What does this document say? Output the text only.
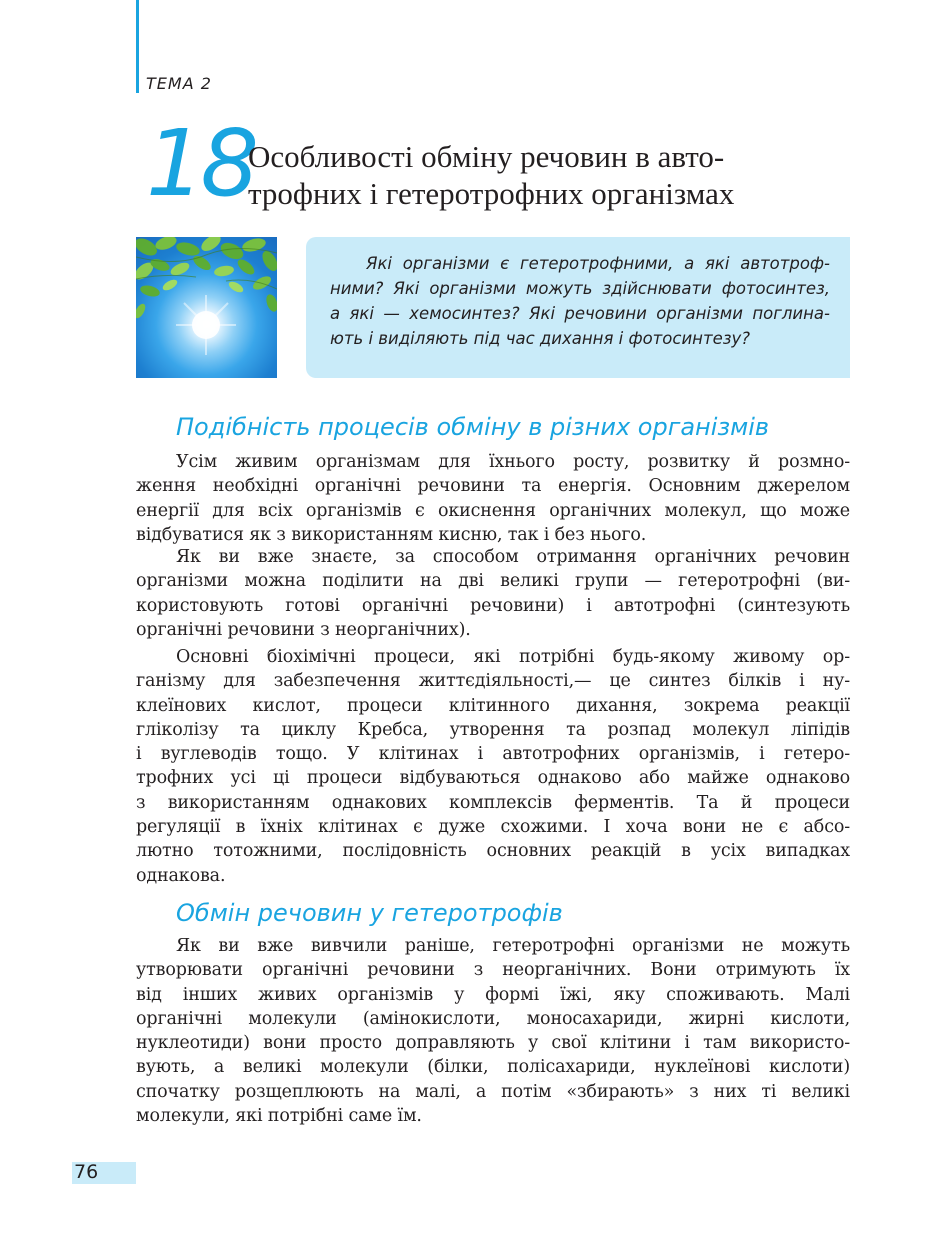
ТЕМА 2
18
Особливості обміну речовин в авто-
трофних і гетеротрофних організмах
Які організми є гетеротрофними, а які автотроф-
ними? Які організми можуть здійснювати фотосинтез,
а які — хемосинтез? Які речовини організми поглина-
ють і виділяють під час дихання і фотосинтезу?
Подібність процесів обміну в різних організмів
Усім живим організмам для їхнього росту, розвитку й розмно-
ження необхідні органічні речовини та енергія. Основним джерелом
енергії для всіх організмів є окиснення органічних молекул, що може
відбуватися як з використанням кисню, так і без нього.
Як ви вже знаєте, за способом отримання органічних речовин
організми можна поділити на дві великі групи — гетеротрофні (ви-
користовують готові органічні речовини) і автотрофні (синтезують
органічні речовини з неорганічних).
Основні біохімічні процеси, які потрібні будь-якому живому ор-
ганізму для забезпечення життєдіяльності,— це синтез білків і ну-
клеїнових кислот, процеси клітинного дихання, зокрема реакції
гліколізу та циклу Кребса, утворення та розпад молекул ліпідів
і вуглеводів тощо. У клітинах і автотрофних організмів, і гетеро-
трофних усі ці процеси відбуваються однаково або майже однаково
з використанням однакових комплексів ферментів. Та й процеси
регуляції в їхніх клітинах є дуже схожими. І хоча вони не є абсо-
лютно тотожними, послідовність основних реакцій в усіх випадках
однакова.
Обмін речовин у гетеротрофів
Як ви вже вивчили раніше, гетеротрофні організми не можуть
утворювати органічні речовини з неорганічних. Вони отримують їх
від інших живих організмів у формі їжі, яку споживають. Малі
органічні молекули (амінокислоти, моносахариди, жирні кислоти,
нуклеотиди) вони просто доправляють у свої клітини і там використо-
вують, а великі молекули (білки, полісахариди, нуклеїнові кислоти)
спочатку розщеплюють на малі, а потім «збирають» з них ті великі
молекули, які потрібні саме їм.
76
